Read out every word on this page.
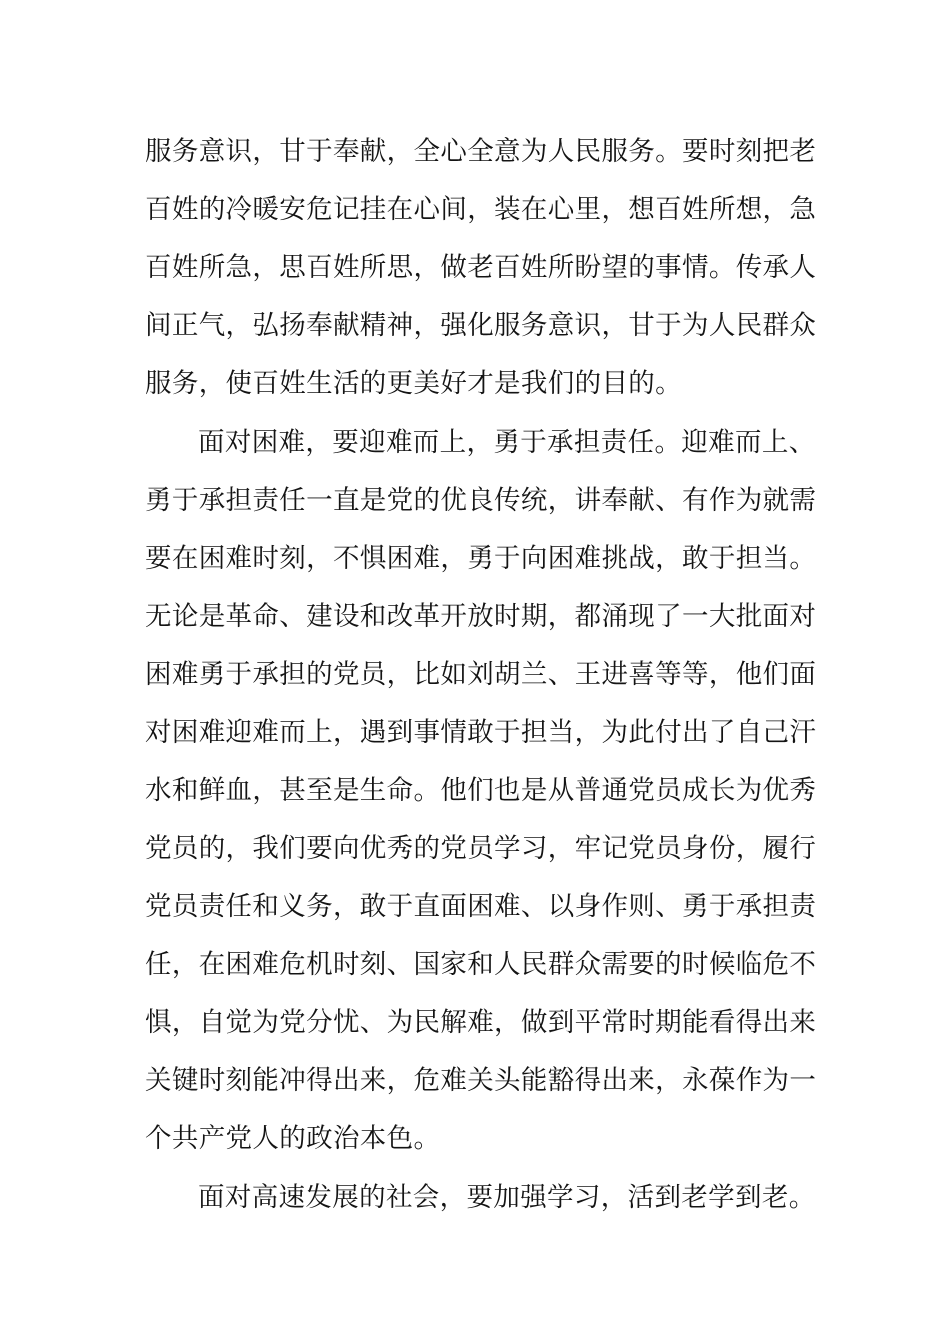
服务意识，甘于奉献，全心全意为人民服务。要时刻把老
百姓的冷暖安危记挂在心间，装在心里，想百姓所想，急
百姓所急，思百姓所思，做老百姓所盼望的事情。传承人
间正气，弘扬奉献精神，强化服务意识，甘于为人民群众
服务，使百姓生活的更美好才是我们的目的。
面对困难，要迎难而上，勇于承担责任。迎难而上、
勇于承担责任一直是党的优良传统，讲奉献、有作为就需
要在困难时刻，不惧困难，勇于向困难挑战，敢于担当。
无论是革命、建设和改革开放时期，都涌现了一大批面对
困难勇于承担的党员，比如刘胡兰、王进喜等等，他们面
对困难迎难而上，遇到事情敢于担当，为此付出了自己汗
水和鲜血，甚至是生命。他们也是从普通党员成长为优秀
党员的，我们要向优秀的党员学习，牢记党员身份，履行
党员责任和义务，敢于直面困难、以身作则、勇于承担责
任，在困难危机时刻、国家和人民群众需要的时候临危不
惧，自觉为党分忧、为民解难，做到平常时期能看得出来
关键时刻能冲得出来，危难关头能豁得出来，永葆作为一
个共产党人的政治本色。
面对高速发展的社会，要加强学习，活到老学到老。
